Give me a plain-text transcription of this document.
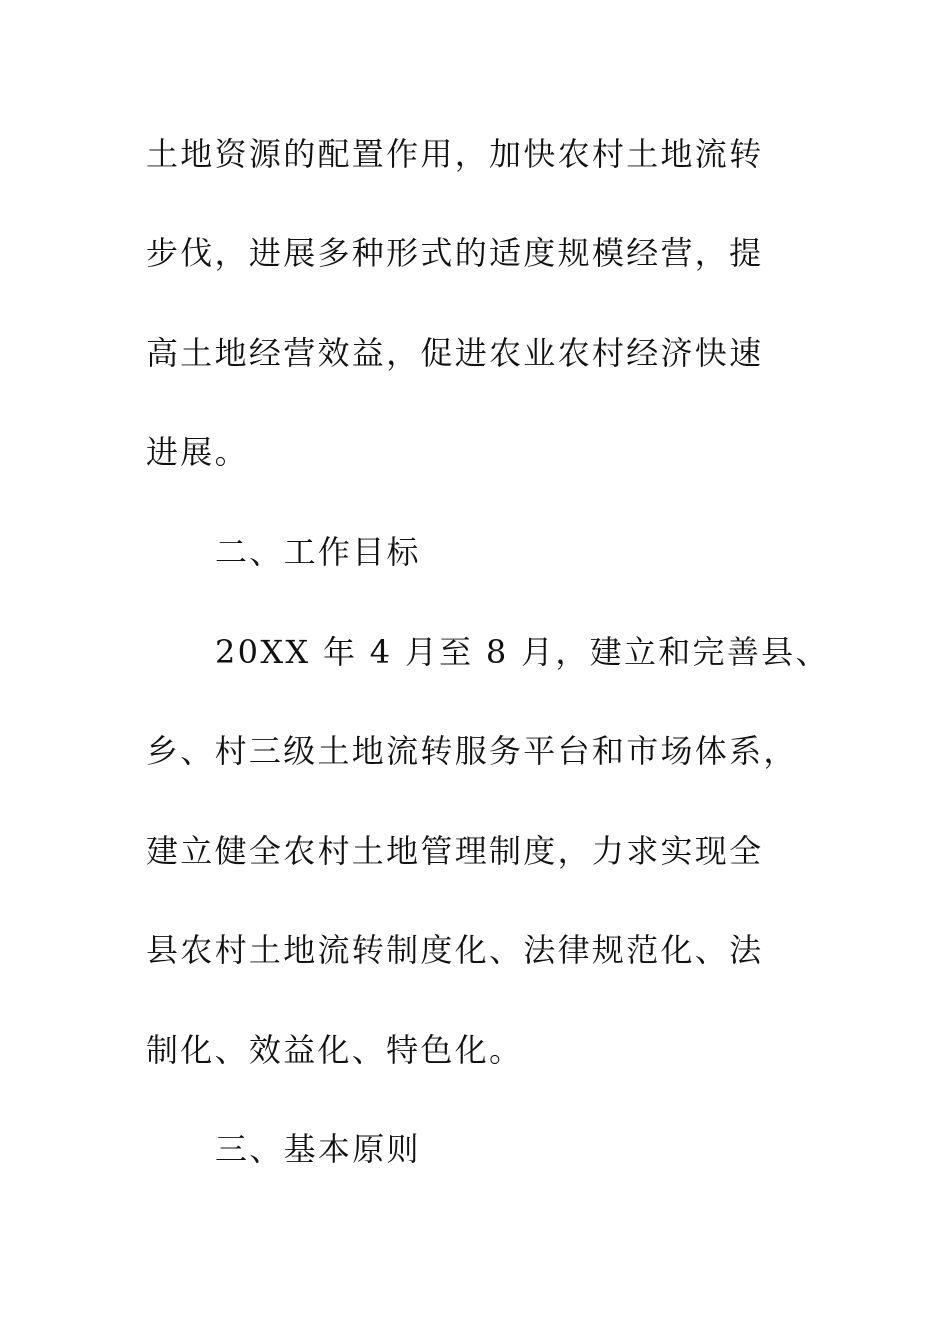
土地资源的配置作用，加快农村土地流转

步伐，进展多种形式的适度规模经营，提

高土地经营效益，促进农业农村经济快速

进展。

二、工作目标

20XX 年 4 月至 8 月，建立和完善县、

乡、村三级土地流转服务平台和市场体系，

建立健全农村土地管理制度，力求实现全

县农村土地流转制度化、法律规范化、法

制化、效益化、特色化。

三、基本原则
